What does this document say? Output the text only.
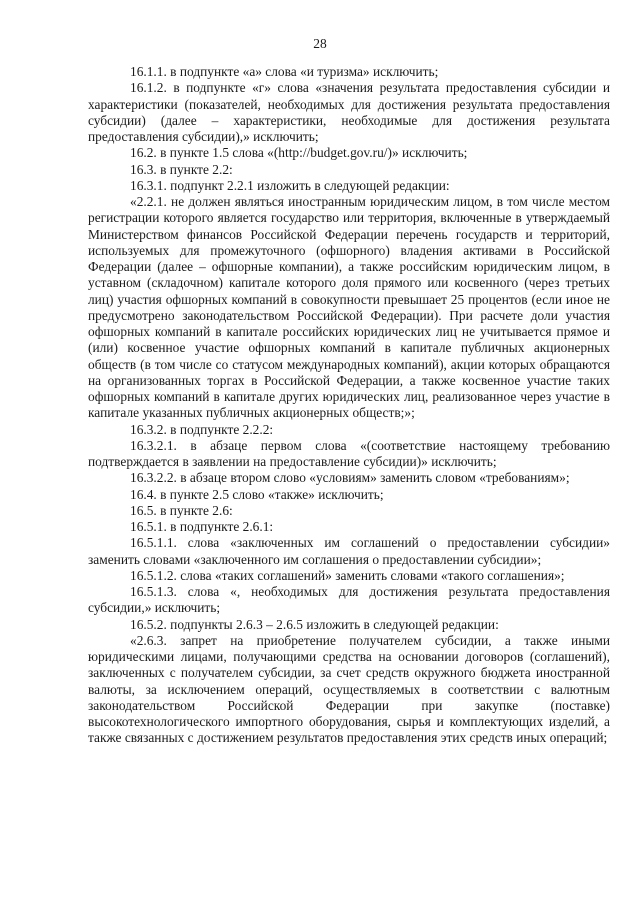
28

16.1.1. в подпункте «а» слова «и туризма» исключить;

16.1.2. в подпункте «г» слова «значения результата предоставления субсидии и характеристики (показателей, необходимых для достижения результата предоставления субсидии) (далее – характеристики, необходимые для достижения результата предоставления субсидии),» исключить;

16.2. в пункте 1.5 слова «(http://budget.gov.ru/)» исключить;

16.3. в пункте 2.2:

16.3.1. подпункт 2.2.1 изложить в следующей редакции:

«2.2.1. не должен являться иностранным юридическим лицом, в том числе местом регистрации которого является государство или территория, включенные в утверждаемый Министерством финансов Российской Федерации перечень государств и территорий, используемых для промежуточного (офшорного) владения активами в Российской Федерации (далее – офшорные компании), а также российским юридическим лицом, в уставном (складочном) капитале которого доля прямого или косвенного (через третьих лиц) участия офшорных компаний в совокупности превышает 25 процентов (если иное не предусмотрено законодательством Российской Федерации). При расчете доли участия офшорных компаний в капитале российских юридических лиц не учитывается прямое и (или) косвенное участие офшорных компаний в капитале публичных акционерных обществ (в том числе со статусом международных компаний), акции которых обращаются на организованных торгах в Российской Федерации, а также косвенное участие таких офшорных компаний в капитале других юридических лиц, реализованное через участие в капитале указанных публичных акционерных обществ;»;

16.3.2. в подпункте 2.2.2:

16.3.2.1. в абзаце первом слова «(соответствие настоящему требованию подтверждается в заявлении на предоставление субсидии)» исключить;

16.3.2.2. в абзаце втором слово «условиям» заменить словом «требованиям»;

16.4. в пункте 2.5 слово «также» исключить;

16.5. в пункте 2.6:

16.5.1. в подпункте 2.6.1:

16.5.1.1. слова «заключенных им соглашений о предоставлении субсидии» заменить словами «заключенного им соглашения о предоставлении субсидии»;

16.5.1.2. слова «таких соглашений» заменить словами «такого соглашения»;

16.5.1.3. слова «, необходимых для достижения результата предоставления субсидии,» исключить;

16.5.2. подпункты 2.6.3 – 2.6.5 изложить в следующей редакции:

«2.6.3. запрет на приобретение получателем субсидии, а также иными юридическими лицами, получающими средства на основании договоров (соглашений), заключенных с получателем субсидии, за счет средств окружного бюджета иностранной валюты, за исключением операций, осуществляемых в соответствии с валютным законодательством Российской Федерации при закупке (поставке) высокотехнологического импортного оборудования, сырья и комплектующих изделий, а также связанных с достижением результатов предоставления этих средств иных операций;
